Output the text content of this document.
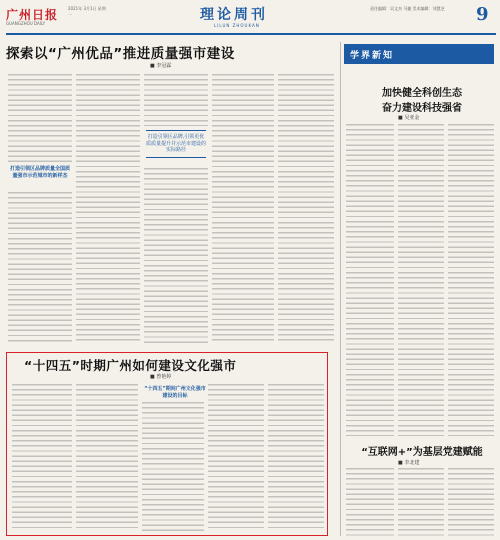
广州日报
GUANGZHOU DAILY
2021年 3月1日 星期一	理论周刊
LILUN ZHOUKAN
责任编辑：吴文杰 马捷 美术编辑：刘慧芝	9
探索以“广州优品”推进质量强市建设
■ 李冠霖
打造引领区品牌质量全国质量强市示范城市的新样杰
打造引领区品牌,引领更优质质量提升并示范市建设的实际路径
学界新知
加快健全科创生态
奋力建设科技强省
■ 吴亚金
“互联网+”为基层党建赋能
■ 李北建
“十四五”时期广州如何建设文化强市
■ 曾艳婷
“十四五”期间广州文化强市建设的目标
